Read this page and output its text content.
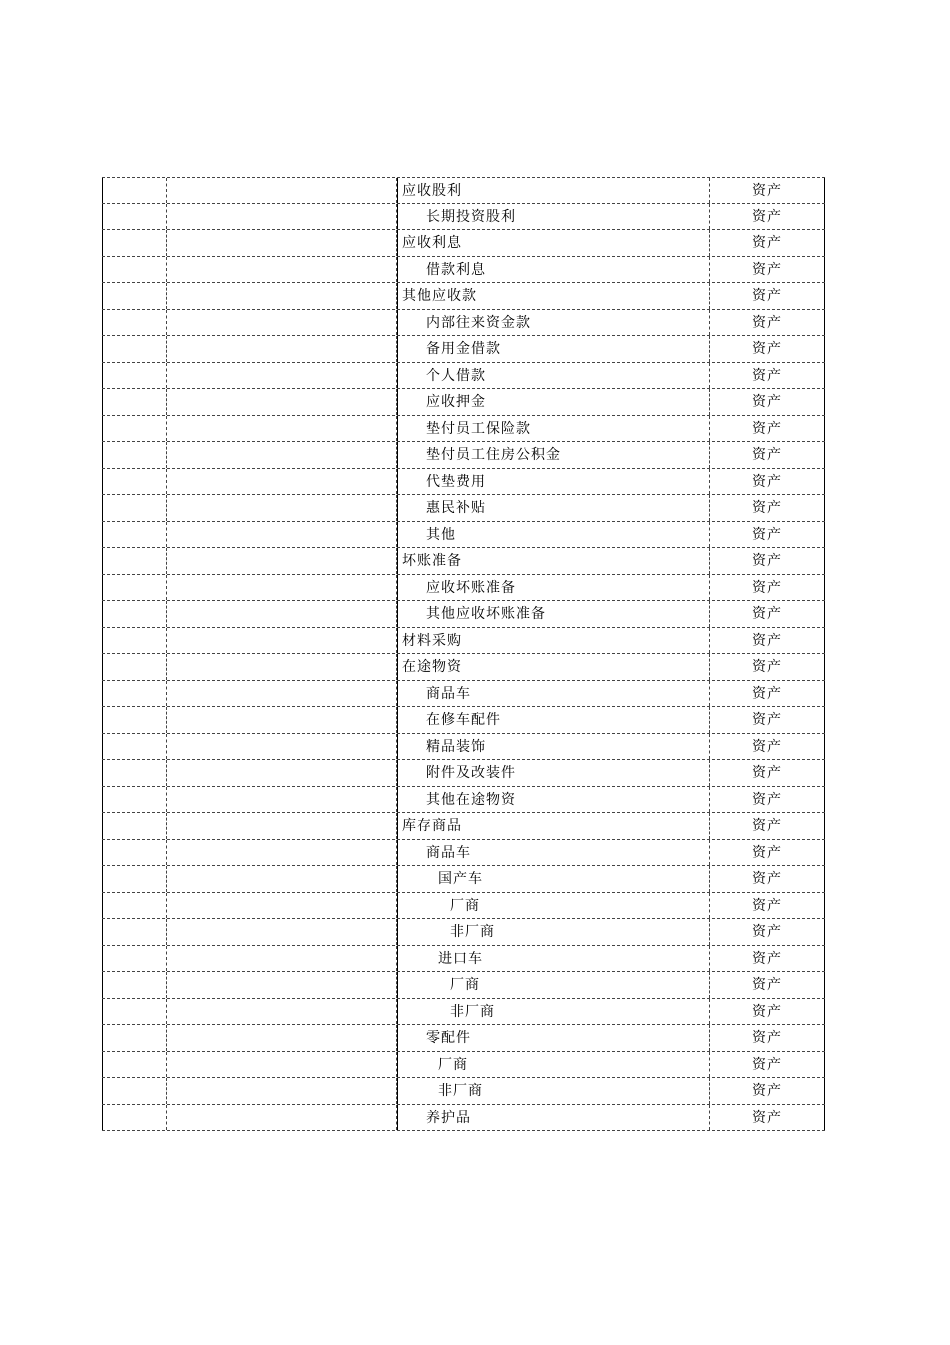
应收股利	资产
长期投资股利	资产
应收利息	资产
借款利息	资产
其他应收款	资产
内部往来资金款	资产
备用金借款	资产
个人借款	资产
应收押金	资产
垫付员工保险款	资产
垫付员工住房公积金	资产
代垫费用	资产
惠民补贴	资产
其他	资产
坏账准备	资产
应收坏账准备	资产
其他应收坏账准备	资产
材料采购	资产
在途物资	资产
商品车	资产
在修车配件	资产
精品装饰	资产
附件及改装件	资产
其他在途物资	资产
库存商品	资产
商品车	资产
国产车	资产
厂商	资产
非厂商	资产
进口车	资产
厂商	资产
非厂商	资产
零配件	资产
厂商	资产
非厂商	资产
养护品	资产
